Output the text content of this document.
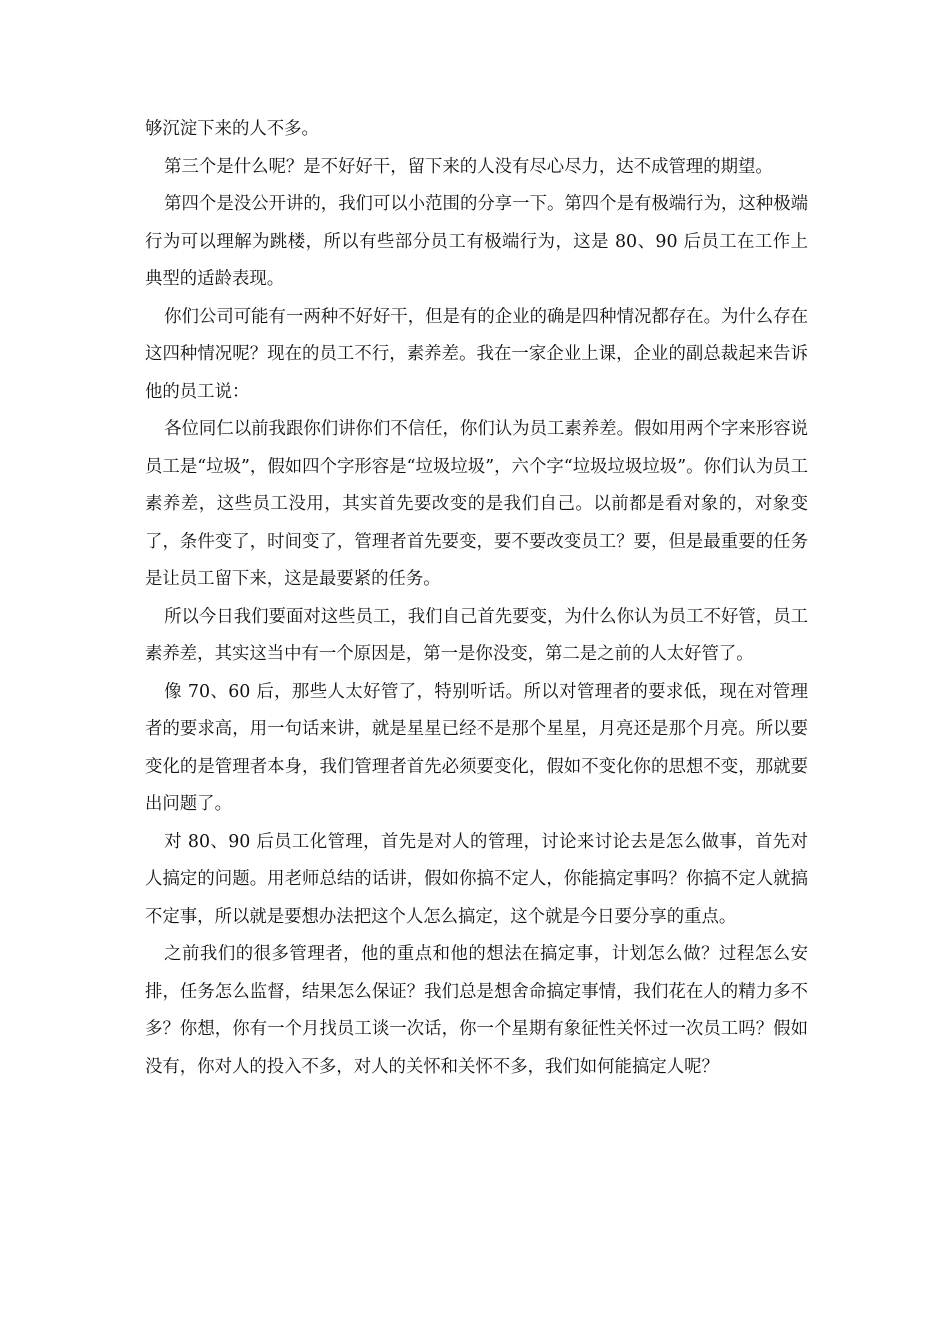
够沉淀下来的人不多。

第三个是什么呢？是不好好干，留下来的人没有尽心尽力，达不成管理的期望。

第四个是没公开讲的，我们可以小范围的分享一下。第四个是有极端行为，这种极端行为可以理解为跳楼，所以有些部分员工有极端行为，这是 80、90 后员工在工作上典型的适龄表现。

你们公司可能有一两种不好好干，但是有的企业的确是四种情况都存在。为什么存在这四种情况呢？现在的员工不行，素养差。我在一家企业上课，企业的副总裁起来告诉他的员工说：

各位同仁以前我跟你们讲你们不信任，你们认为员工素养差。假如用两个字来形容说员工是“垃圾”，假如四个字形容是“垃圾垃圾”，六个字“垃圾垃圾垃圾”。你们认为员工素养差，这些员工没用，其实首先要改变的是我们自己。以前都是看对象的，对象变了，条件变了，时间变了，管理者首先要变，要不要改变员工？要，但是最重要的任务是让员工留下来，这是最要紧的任务。

所以今日我们要面对这些员工，我们自己首先要变，为什么你认为员工不好管，员工素养差，其实这当中有一个原因是，第一是你没变，第二是之前的人太好管了。

像 70、60 后，那些人太好管了，特别听话。所以对管理者的要求低，现在对管理者的要求高，用一句话来讲，就是星星已经不是那个星星，月亮还是那个月亮。所以要变化的是管理者本身，我们管理者首先必须要变化，假如不变化你的思想不变，那就要出问题了。

对 80、90 后员工化管理，首先是对人的管理，讨论来讨论去是怎么做事，首先对人搞定的问题。用老师总结的话讲，假如你搞不定人，你能搞定事吗？你搞不定人就搞不定事，所以就是要想办法把这个人怎么搞定，这个就是今日要分享的重点。

之前我们的很多管理者，他的重点和他的想法在搞定事，计划怎么做？过程怎么安排，任务怎么监督，结果怎么保证？我们总是想舍命搞定事情，我们花在人的精力多不多？你想，你有一个月找员工谈一次话，你一个星期有象征性关怀过一次员工吗？假如没有，你对人的投入不多，对人的关怀和关怀不多，我们如何能搞定人呢？
